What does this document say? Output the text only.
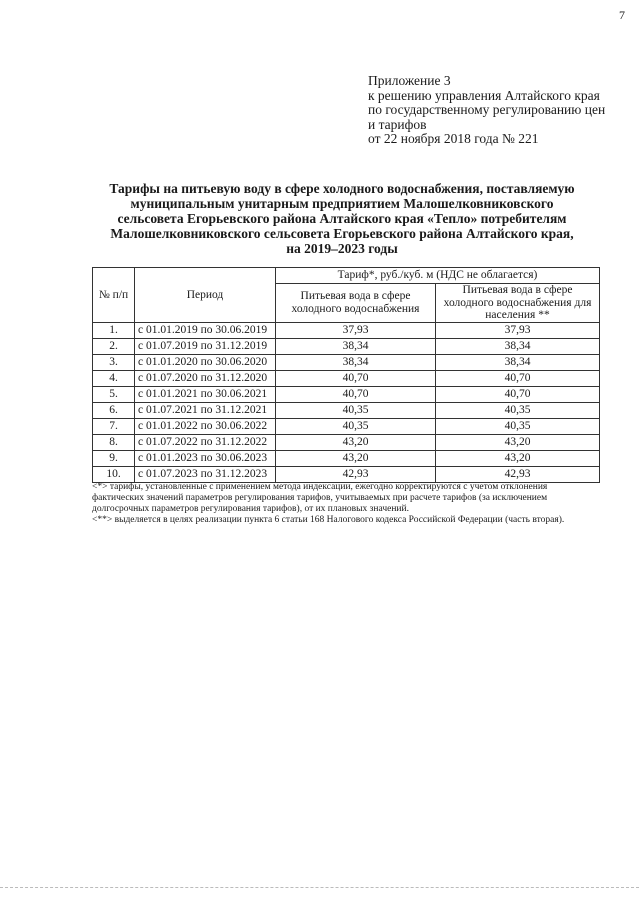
7
Приложение 3
к решению управления Алтайского края
по государственному регулированию цен
и тарифов
от 22 ноября 2018 года № 221
Тарифы на питьевую воду в сфере холодного водоснабжения, поставляемую
муниципальным унитарным предприятием Малошелковниковского
сельсовета Егорьевского района Алтайского края «Тепло» потребителям
Малошелковниковского сельсовета Егорьевского района Алтайского края,
на 2019–2023 годы
№ п/п	Период	Тариф*, руб./куб. м (НДС не облагается)	
		Питьевая вода в сфере холодного водоснабжения	Питьевая вода в сфере холодного водоснабжения для населения **
1.	с 01.01.2019 по 30.06.2019	37,93	37,93
2.	с 01.07.2019 по 31.12.2019	38,34	38,34
3.	с 01.01.2020 по 30.06.2020	38,34	38,34
4.	с 01.07.2020 по 31.12.2020	40,70	40,70
5.	с 01.01.2021 по 30.06.2021	40,70	40,70
6.	с 01.07.2021 по 31.12.2021	40,35	40,35
7.	с 01.01.2022 по 30.06.2022	40,35	40,35
8.	с 01.07.2022 по 31.12.2022	43,20	43,20
9.	с 01.01.2023 по 30.06.2023	43,20	43,20
10.	с 01.07.2023 по 31.12.2023	42,93	42,93

<*> тарифы, установленные с применением метода индексации, ежегодно корректируются с учетом отклонения фактических значений параметров регулирования тарифов, учитываемых при расчете тарифов (за исключением долгосрочных параметров регулирования тарифов), от их плановых значений.

<**> выделяется в целях реализации пункта 6 статьи 168 Налогового кодекса Российской Федерации (часть вторая).
